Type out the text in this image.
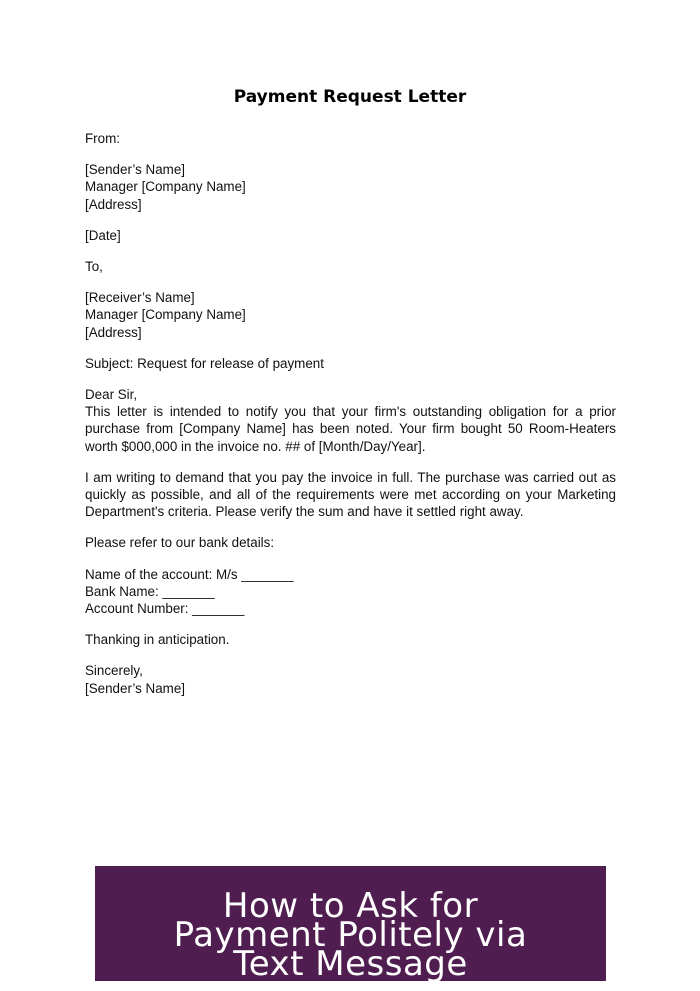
Payment Request Letter

From:

[Sender’s Name]
Manager [Company Name]
[Address]

[Date]

To,

[Receiver’s Name]
Manager [Company Name]
[Address]

Subject: Request for release of payment

Dear Sir,
This letter is intended to notify you that your firm's outstanding obligation for a prior purchase from [Company Name] has been noted. Your firm bought 50 Room-Heaters worth $000,000 in the invoice no. ## of [Month/Day/Year].

I am writing to demand that you pay the invoice in full. The purchase was carried out as quickly as possible, and all of the requirements were met according on your Marketing Department's criteria. Please verify the sum and have it settled right away.

Please refer to our bank details:

Name of the account: M/s _______
Bank Name: _______
Account Number: _______

Thanking in anticipation.

Sincerely,
[Sender’s Name]

How to Ask for
Payment Politely via
Text Message
